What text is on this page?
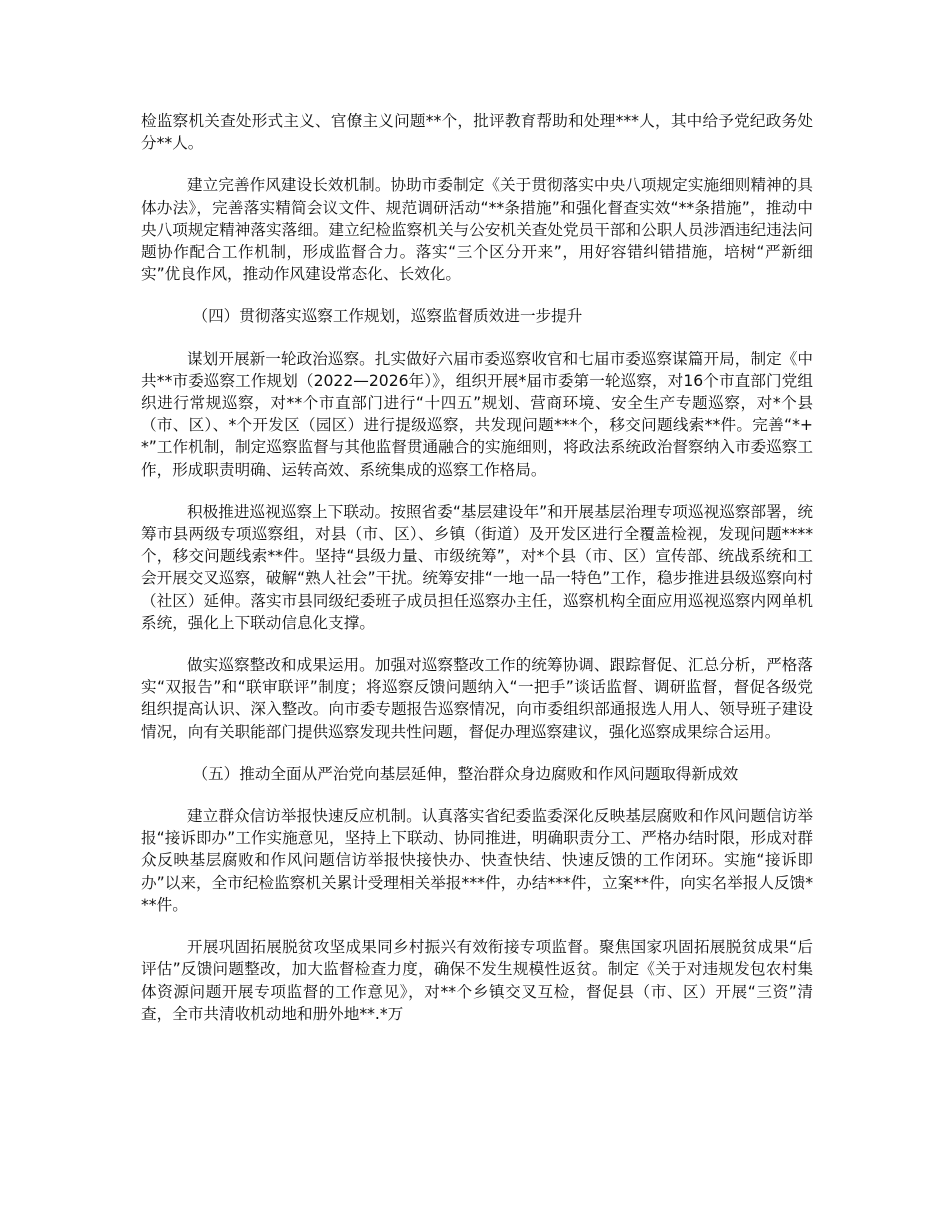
检监察机关查处形式主义、官僚主义问题**个，批评教育帮助和处理***人，其中给予党纪政务处分**人。

建立完善作风建设长效机制。协助市委制定《关于贯彻落实中央八项规定实施细则精神的具体办法》，完善落实精简会议文件、规范调研活动“**条措施”和强化督查实效“**条措施”，推动中央八项规定精神落实落细。建立纪检监察机关与公安机关查处党员干部和公职人员涉酒违纪违法问题协作配合工作机制，形成监督合力。落实“三个区分开来”，用好容错纠错措施，培树“严新细实”优良作风，推动作风建设常态化、长效化。

（四）贯彻落实巡察工作规划，巡察监督质效进一步提升

谋划开展新一轮政治巡察。扎实做好六届市委巡察收官和七届市委巡察谋篇开局，制定《中共**市委巡察工作规划（2022—2026年）》，组织开展*届市委第一轮巡察，对16个市直部门党组织进行常规巡察，对**个市直部门进行“十四五”规划、营商环境、安全生产专题巡察，对*个县（市、区）、*个开发区（园区）进行提级巡察，共发现问题***个，移交问题线索**件。完善“*+*”工作机制，制定巡察监督与其他监督贯通融合的实施细则，将政法系统政治督察纳入市委巡察工作，形成职责明确、运转高效、系统集成的巡察工作格局。

积极推进巡视巡察上下联动。按照省委“基层建设年”和开展基层治理专项巡视巡察部署，统筹市县两级专项巡察组，对县（市、区）、乡镇（街道）及开发区进行全覆盖检视，发现问题****个，移交问题线索**件。坚持“县级力量、市级统筹”，对*个县（市、区）宣传部、统战系统和工会开展交叉巡察，破解“熟人社会”干扰。统筹安排“一地一品一特色”工作，稳步推进县级巡察向村（社区）延伸。落实市县同级纪委班子成员担任巡察办主任，巡察机构全面应用巡视巡察内网单机系统，强化上下联动信息化支撑。

做实巡察整改和成果运用。加强对巡察整改工作的统筹协调、跟踪督促、汇总分析，严格落实“双报告”和“联审联评”制度；将巡察反馈问题纳入“一把手”谈话监督、调研监督，督促各级党组织提高认识、深入整改。向市委专题报告巡察情况，向市委组织部通报选人用人、领导班子建设情况，向有关职能部门提供巡察发现共性问题，督促办理巡察建议，强化巡察成果综合运用。

（五）推动全面从严治党向基层延伸，整治群众身边腐败和作风问题取得新成效

建立群众信访举报快速反应机制。认真落实省纪委监委深化反映基层腐败和作风问题信访举报“接诉即办”工作实施意见，坚持上下联动、协同推进，明确职责分工、严格办结时限，形成对群众反映基层腐败和作风问题信访举报快接快办、快查快结、快速反馈的工作闭环。实施“接诉即办”以来，全市纪检监察机关累计受理相关举报***件，办结***件，立案**件，向实名举报人反馈***件。

开展巩固拓展脱贫攻坚成果同乡村振兴有效衔接专项监督。聚焦国家巩固拓展脱贫成果“后评估”反馈问题整改，加大监督检查力度，确保不发生规模性返贫。制定《关于对违规发包农村集体资源问题开展专项监督的工作意见》，对**个乡镇交叉互检，督促县（市、区）开展“三资”清查，全市共清收机动地和册外地**.*万
